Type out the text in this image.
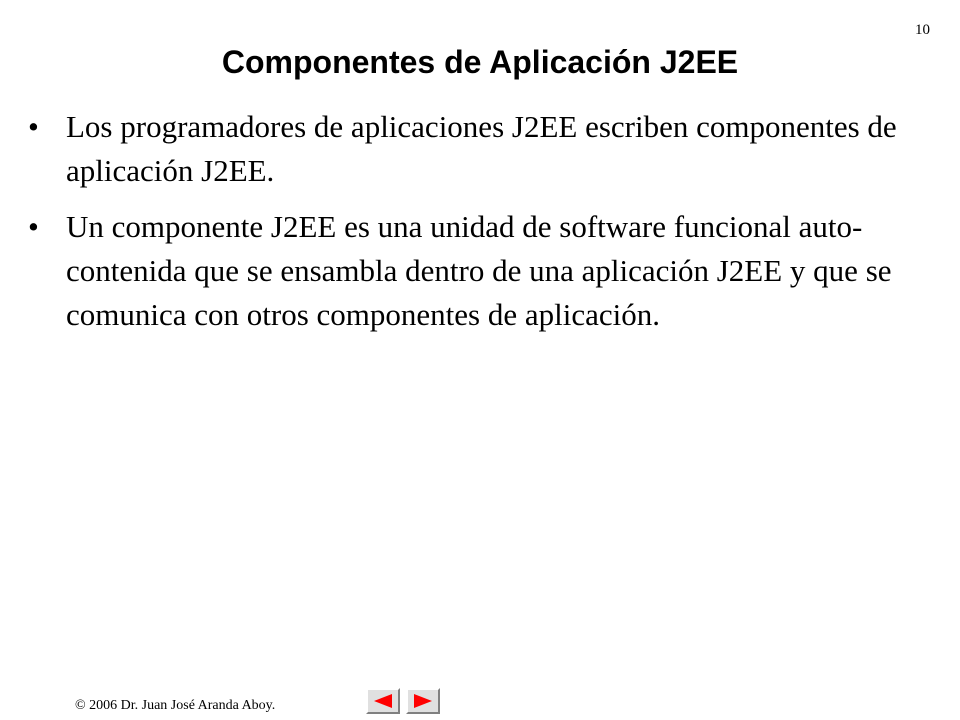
10
Componentes de Aplicación J2EE
• Los programadores de aplicaciones J2EE escriben componentes de aplicación J2EE.
• Un componente J2EE es una unidad de software funcional auto-contenida que se ensambla dentro de una aplicación J2EE y que se comunica con otros componentes de aplicación.
© 2006 Dr. Juan José Aranda Aboy.
